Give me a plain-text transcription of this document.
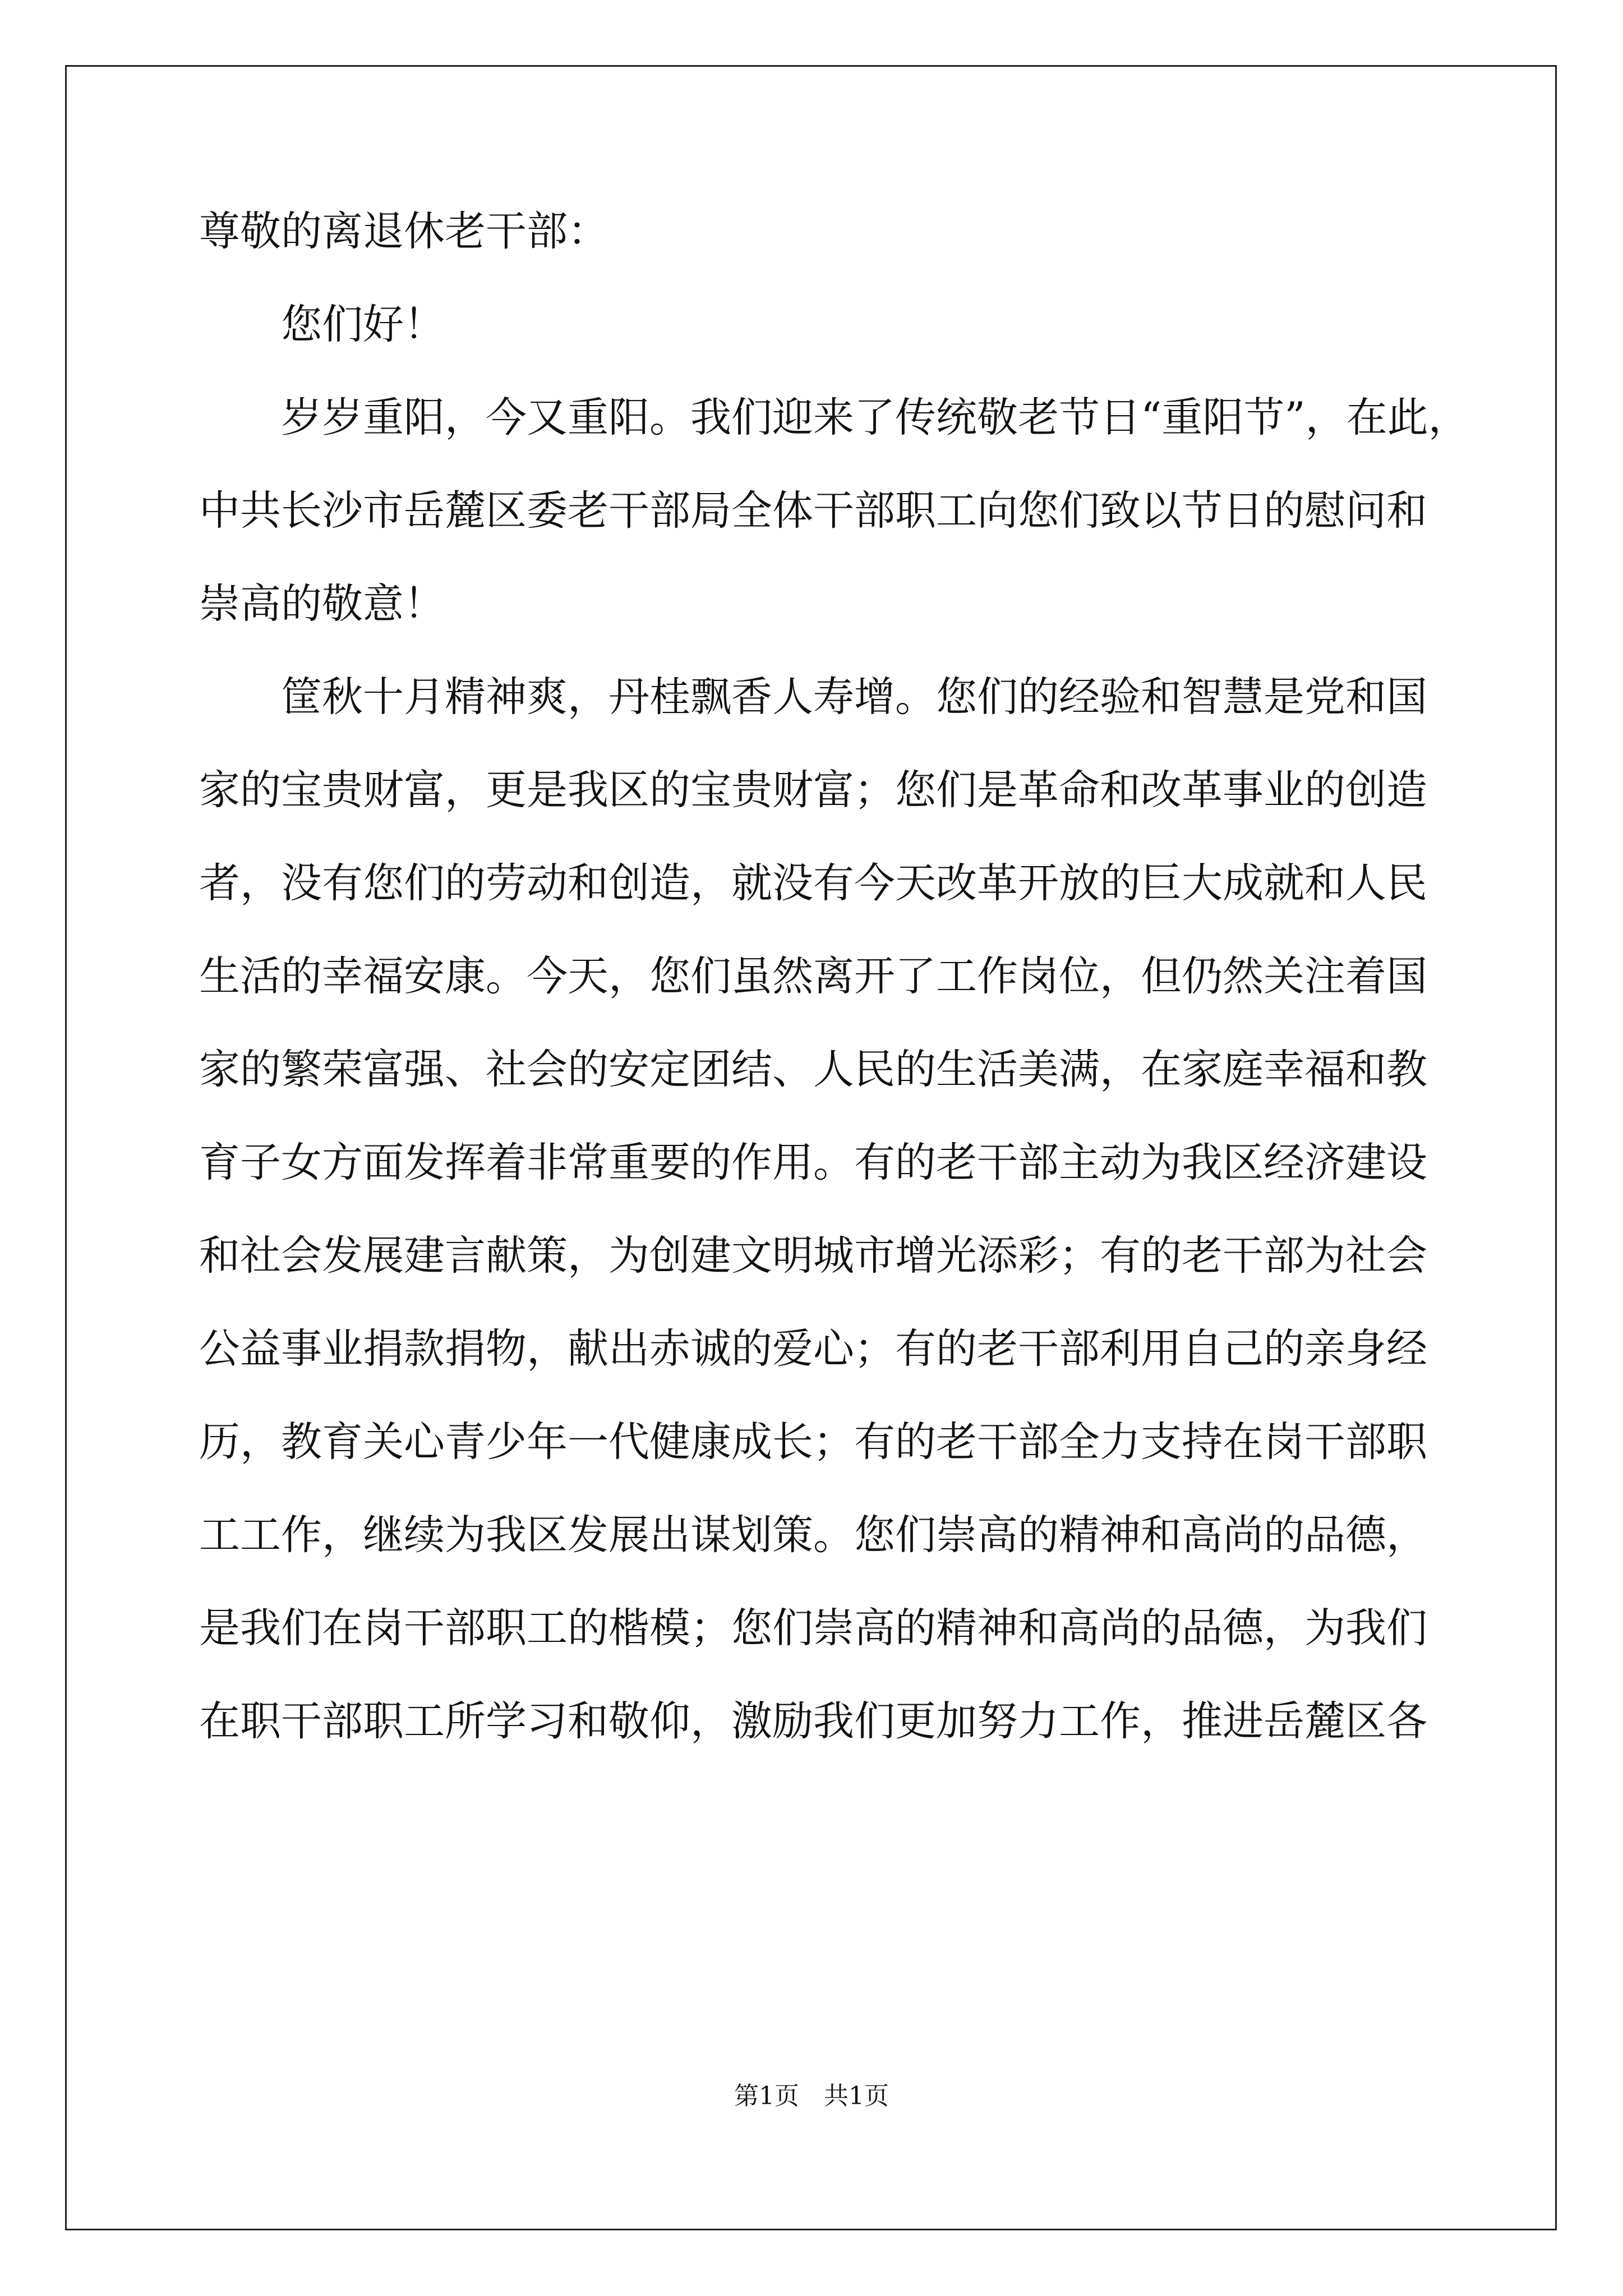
尊敬的离退休老干部：
您们好！
岁岁重阳，今又重阳。我们迎来了传统敬老节日“重阳节”，在此，
中共长沙市岳麓区委老干部局全体干部职工向您们致以节日的慰问和
崇高的敬意！
筐秋十月精神爽，丹桂飘香人寿增。您们的经验和智慧是党和国
家的宝贵财富，更是我区的宝贵财富；您们是革命和改革事业的创造
者，没有您们的劳动和创造，就没有今天改革开放的巨大成就和人民
生活的幸福安康。今天，您们虽然离开了工作岗位，但仍然关注着国
家的繁荣富强、社会的安定团结、人民的生活美满，在家庭幸福和教
育子女方面发挥着非常重要的作用。有的老干部主动为我区经济建设
和社会发展建言献策，为创建文明城市增光添彩；有的老干部为社会
公益事业捐款捐物，献出赤诚的爱心；有的老干部利用自己的亲身经
历，教育关心青少年一代健康成长；有的老干部全力支持在岗干部职
工工作，继续为我区发展出谋划策。您们崇高的精神和高尚的品德，
是我们在岗干部职工的楷模；您们崇高的精神和高尚的品德，为我们
在职干部职工所学习和敬仰，激励我们更加努力工作，推进岳麓区各
第1页　共1页
